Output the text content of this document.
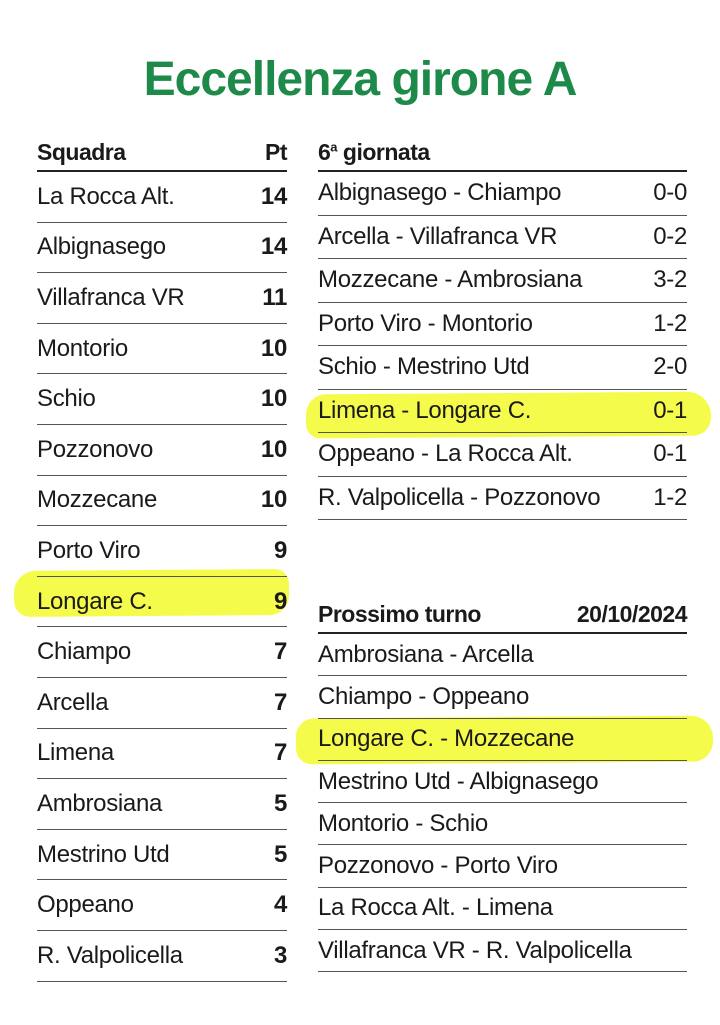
Eccellenza girone A
Squadra	Pt
La Rocca Alt.	14
Albignasego	14
Villafranca VR	11
Montorio	10
Schio	10
Pozzonovo	10
Mozzecane	10
Porto Viro	9
Longare C.	9
Chiampo	7
Arcella	7
Limena	7
Ambrosiana	5
Mestrino Utd	5
Oppeano	4
R. Valpolicella	3
6$^a$ giornata
Albignasego - Chiampo	0-0
Arcella - Villafranca VR	0-2
Mozzecane - Ambrosiana	3-2
Porto Viro - Montorio	1-2
Schio - Mestrino Utd	2-0
Limena - Longare C.	0-1
Oppeano - La Rocca Alt.	0-1
R. Valpolicella - Pozzonovo 1-2
Prossimo turno	20/10/2024
Ambrosiana - Arcella
Chiampo - Oppeano
Longare C. - Mozzecane
Mestrino Utd - Albignasego
Montorio - Schio
Pozzonovo - Porto Viro
La Rocca Alt. - Limena
Villafranca VR - R. Valpolicella
